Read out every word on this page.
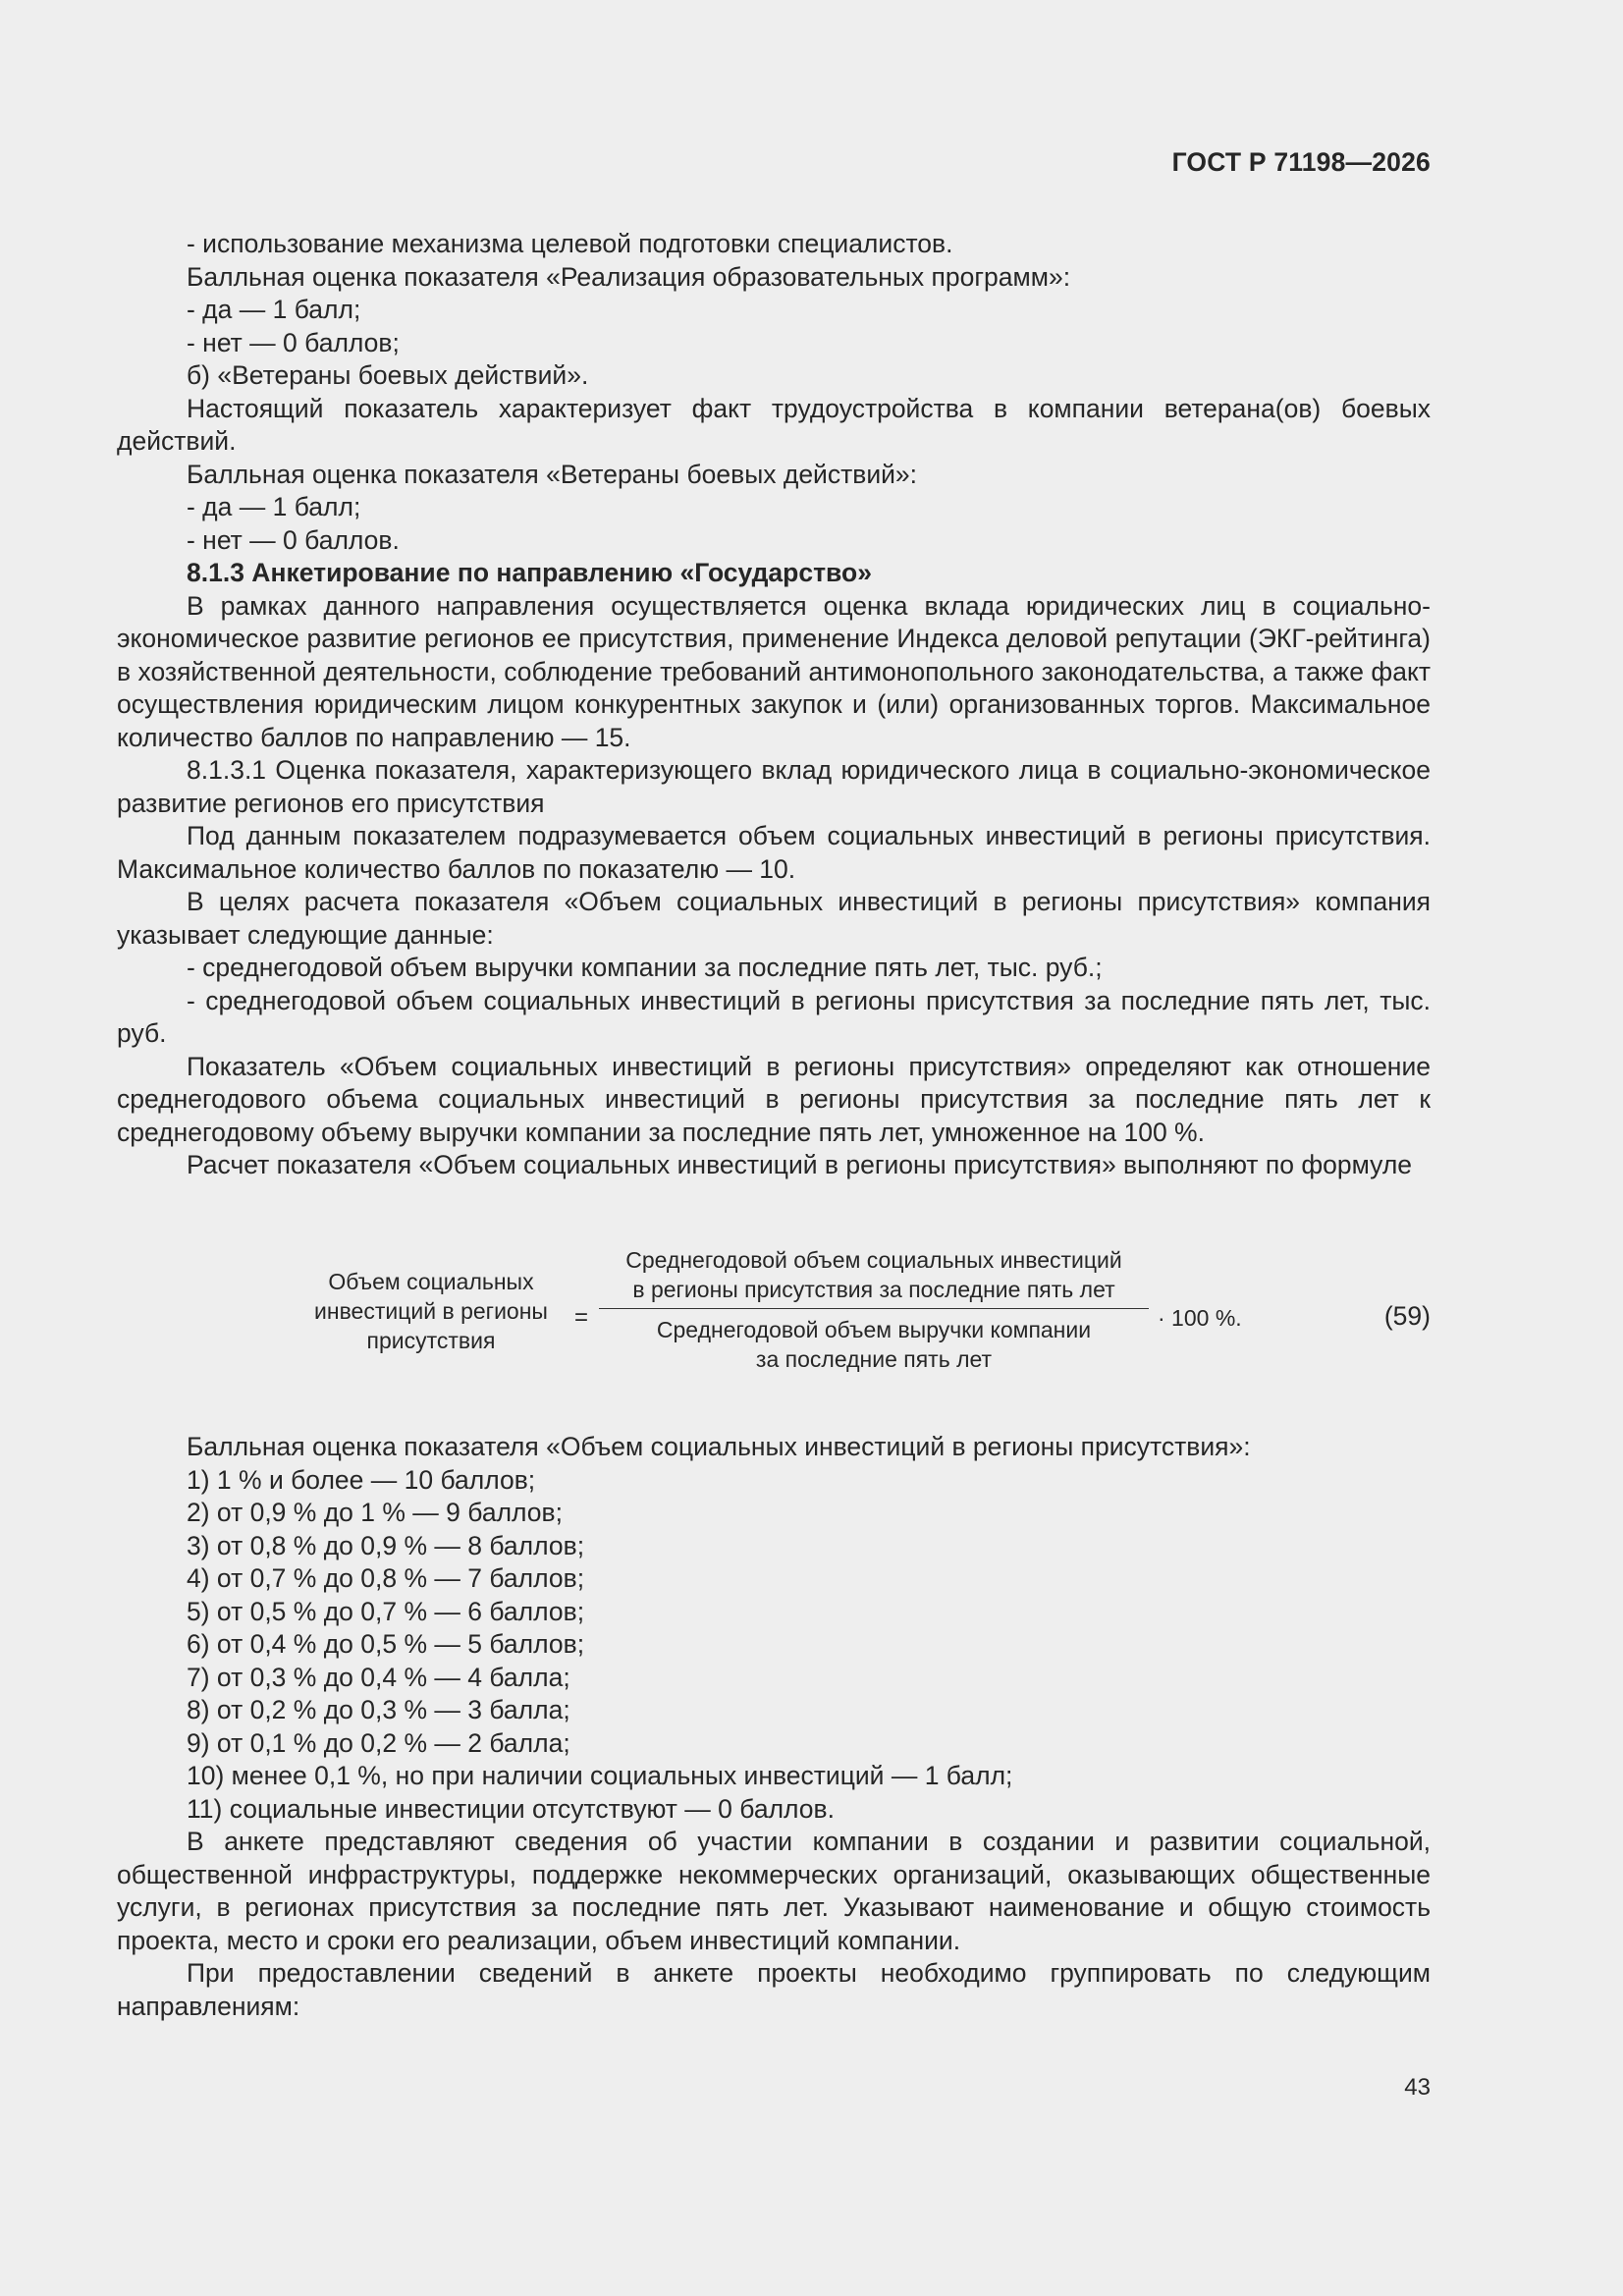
ГОСТ Р 71198—2026

- использование механизма целевой подготовки специалистов.

Балльная оценка показателя «Реализация образовательных программ»:

- да — 1 балл;

- нет — 0 баллов;

б) «Ветераны боевых действий».

Настоящий показатель характеризует факт трудоустройства в компании ветерана(ов) боевых действий.

Балльная оценка показателя «Ветераны боевых действий»:

- да — 1 балл;

- нет — 0 баллов.

8.1.3 Анкетирование по направлению «Государство»

В рамках данного направления осуществляется оценка вклада юридических лиц в социально-экономическое развитие регионов ее присутствия, применение Индекса деловой репутации (ЭКГ-рейтинга) в хозяйственной деятельности, соблюдение требований антимонопольного законодательства, а также факт осуществления юридическим лицом конкурентных закупок и (или) организованных торгов. Максимальное количество баллов по направлению — 15.

8.1.3.1 Оценка показателя, характеризующего вклад юридического лица в социально-экономическое развитие регионов его присутствия

Под данным показателем подразумевается объем социальных инвестиций в регионы присутствия. Максимальное количество баллов по показателю — 10.

В целях расчета показателя «Объем социальных инвестиций в регионы присутствия» компания указывает следующие данные:

- среднегодовой объем выручки компании за последние пять лет, тыс. руб.;

- среднегодовой объем социальных инвестиций в регионы присутствия за последние пять лет, тыс. руб.

Показатель «Объем социальных инвестиций в регионы присутствия» определяют как отношение среднегодового объема социальных инвестиций в регионы присутствия за последние пять лет к среднегодовому объему выручки компании за последние пять лет, умноженное на 100 %.

Расчет показателя «Объем социальных инвестиций в регионы присутствия» выполняют по формуле

Объем социальных
инвестиций в регионы
присутствия
=
Среднегодовой объем социальных инвестиций
в регионы присутствия за последние пять лет
Среднегодовой объем выручки компании
за последние пять лет
· 100 %.	(59)

Балльная оценка показателя «Объем социальных инвестиций в регионы присутствия»:

1) 1 % и более — 10 баллов;

2) от 0,9 % до 1 % — 9 баллов;

3) от 0,8 % до 0,9 % — 8 баллов;

4) от 0,7 % до 0,8 % — 7 баллов;

5) от 0,5 % до 0,7 % — 6 баллов;

6) от 0,4 % до 0,5 % — 5 баллов;

7) от 0,3 % до 0,4 % — 4 балла;

8) от 0,2 % до 0,3 % — 3 балла;

9) от 0,1 % до 0,2 % — 2 балла;

10) менее 0,1 %, но при наличии социальных инвестиций — 1 балл;

11) социальные инвестиции отсутствуют — 0 баллов.

В анкете представляют сведения об участии компании в создании и развитии социальной, общественной инфраструктуры, поддержке некоммерческих организаций, оказывающих общественные услуги, в регионах присутствия за последние пять лет. Указывают наименование и общую стоимость проекта, место и сроки его реализации, объем инвестиций компании.

При предоставлении сведений в анкете проекты необходимо группировать по следующим направлениям:

43
